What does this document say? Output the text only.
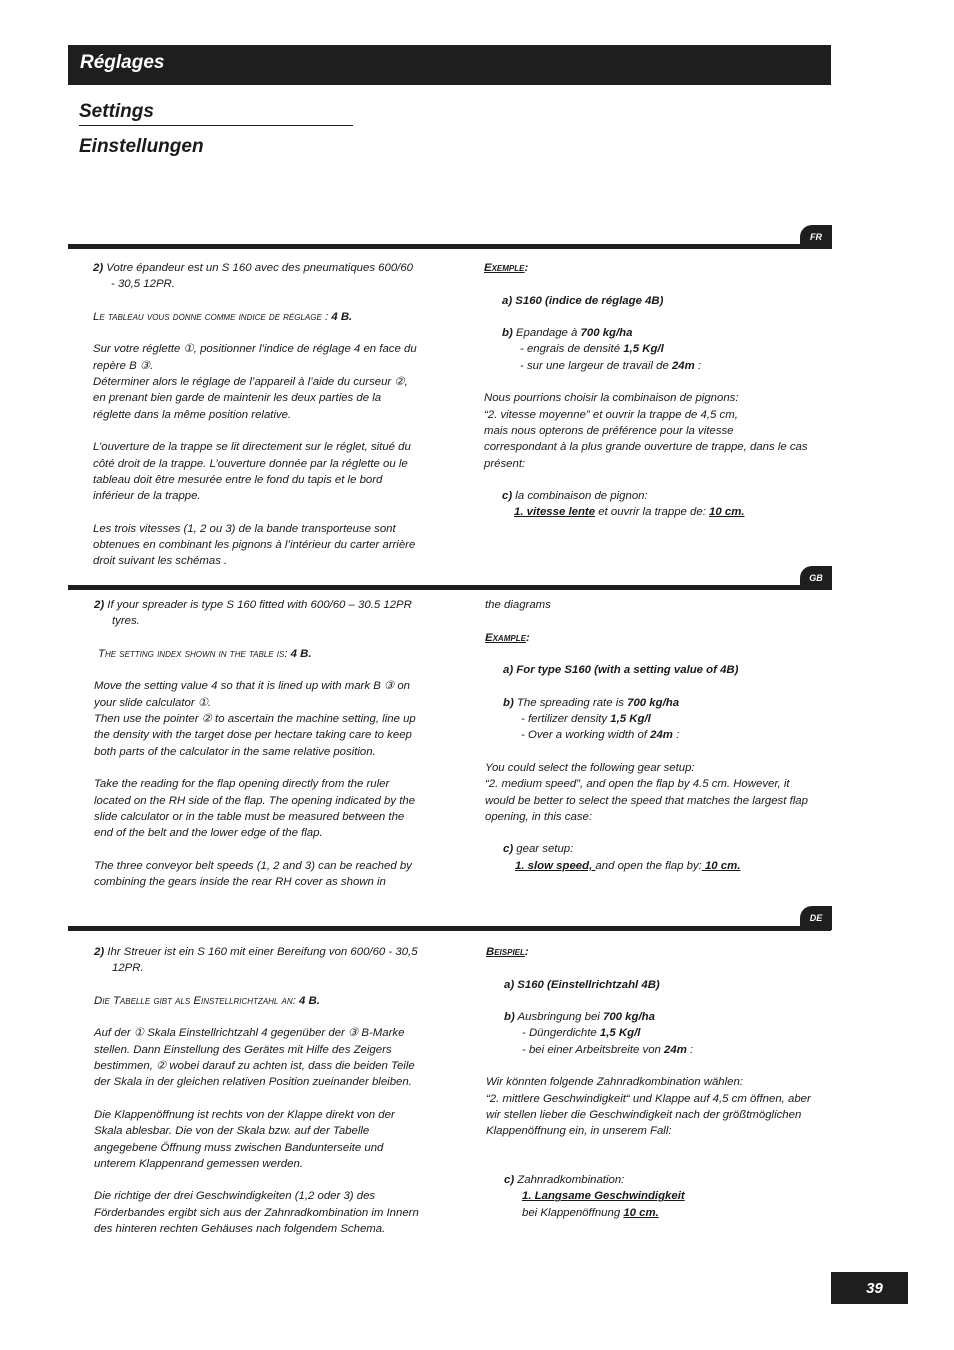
Réglages
Settings
Einstellungen
FR

2) Votre épandeur est un S 160 avec des pneumatiques 600/60 - 30,5 12PR.

Le tableau vous donne comme indice de réglage : 4 B.

Sur votre réglette ①, positionner l’indice de réglage 4 en face du repère B ③.

Déterminer alors le réglage de l’appareil à l’aide du curseur ②, en prenant bien garde de maintenir les deux parties de la réglette dans la même position relative.

L’ouverture de la trappe se lit directement sur le réglet, situé du côté droit de la trappe. L’ouverture donnée par la réglette ou le tableau doit être mesurée entre le fond du tapis et le bord inférieur de la trappe.

Les trois vitesses (1, 2 ou 3) de la bande transporteuse sont obtenues en combinant les pignons à l’intérieur du carter arrière droit suivant les schémas .

Exemple:

a) S160 (indice de réglage 4B)

b) Epandage à 700 kg/ha

- engrais de densité 1,5 Kg/l

- sur une largeur de travail de 24m :

Nous pourrions choisir la combinaison de pignons:

“2. vitesse moyenne” et ouvrir la trappe de 4,5 cm,

mais nous opterons de préférence pour la vitesse correspondant à la plus grande ouverture de trappe, dans le cas présent:

c) la combinaison de pignon:

1. vitesse lente et ouvrir la trappe de: 10 cm.

GB

2) If your spreader is type S 160 fitted with 600/60 – 30.5 12PR tyres.

The setting index shown in the table is: 4 B.

Move the setting value 4 so that it is lined up with mark B ③ on your slide calculator ①.

Then use the pointer ② to ascertain the machine setting, line up the density with the target dose per hectare taking care to keep both parts of the calculator in the same relative position.

Take the reading for the flap opening directly from the ruler located on the RH side of the flap. The opening indicated by the slide calculator or in the table must be measured between the end of the belt and the lower edge of the flap.

The three conveyor belt speeds (1, 2 and 3) can be reached by combining the gears inside the rear RH cover as shown in

the diagrams

Example:

a) For type S160 (with a setting value of 4B)

b) The spreading rate is 700 kg/ha

- fertilizer density 1,5 Kg/l

- Over a working width of 24m :

You could select the following gear setup:

“2. medium speed”, and open the flap by 4.5 cm. However, it would be better to select the speed that matches the largest flap opening, in this case:

c) gear setup:

1. slow speed, and open the flap by: 10 cm.

DE

2) Ihr Streuer ist ein S 160 mit einer Bereifung von 600/60 - 30,5 12PR.

Die Tabelle gibt als Einstellrichtzahl an: 4 B.

Auf der ① Skala Einstellrichtzahl 4 gegenüber der ③ B-Marke stellen. Dann Einstellung des Gerätes mit Hilfe des Zeigers bestimmen, ② wobei darauf zu achten ist, dass die beiden Teile der Skala in der gleichen relativen Position zueinander bleiben.

Die Klappenöffnung ist rechts von der Klappe direkt von der Skala ablesbar. Die von der Skala bzw. auf der Tabelle angegebene Öffnung muss zwischen Bandunterseite und unterem Klappenrand gemessen werden.

Die richtige der drei Geschwindigkeiten (1,2 oder 3) des Förderbandes ergibt sich aus der Zahnradkombination im Innern des hinteren rechten Gehäuses nach folgendem Schema.

Beispiel:

a) S160 (Einstellrichtzahl 4B)

b) Ausbringung bei 700 kg/ha

- Düngerdichte 1,5 Kg/l

- bei einer Arbeitsbreite von 24m :

Wir könnten folgende Zahnradkombination wählen:

“2. mittlere Geschwindigkeit“ und Klappe auf 4,5 cm öffnen, aber wir stellen lieber die Geschwindigkeit nach der größtmöglichen Klappenöffnung ein, in unserem Fall:

c) Zahnradkombination:

1. Langsame Geschwindigkeit

bei Klappenöffnung 10 cm.

39
